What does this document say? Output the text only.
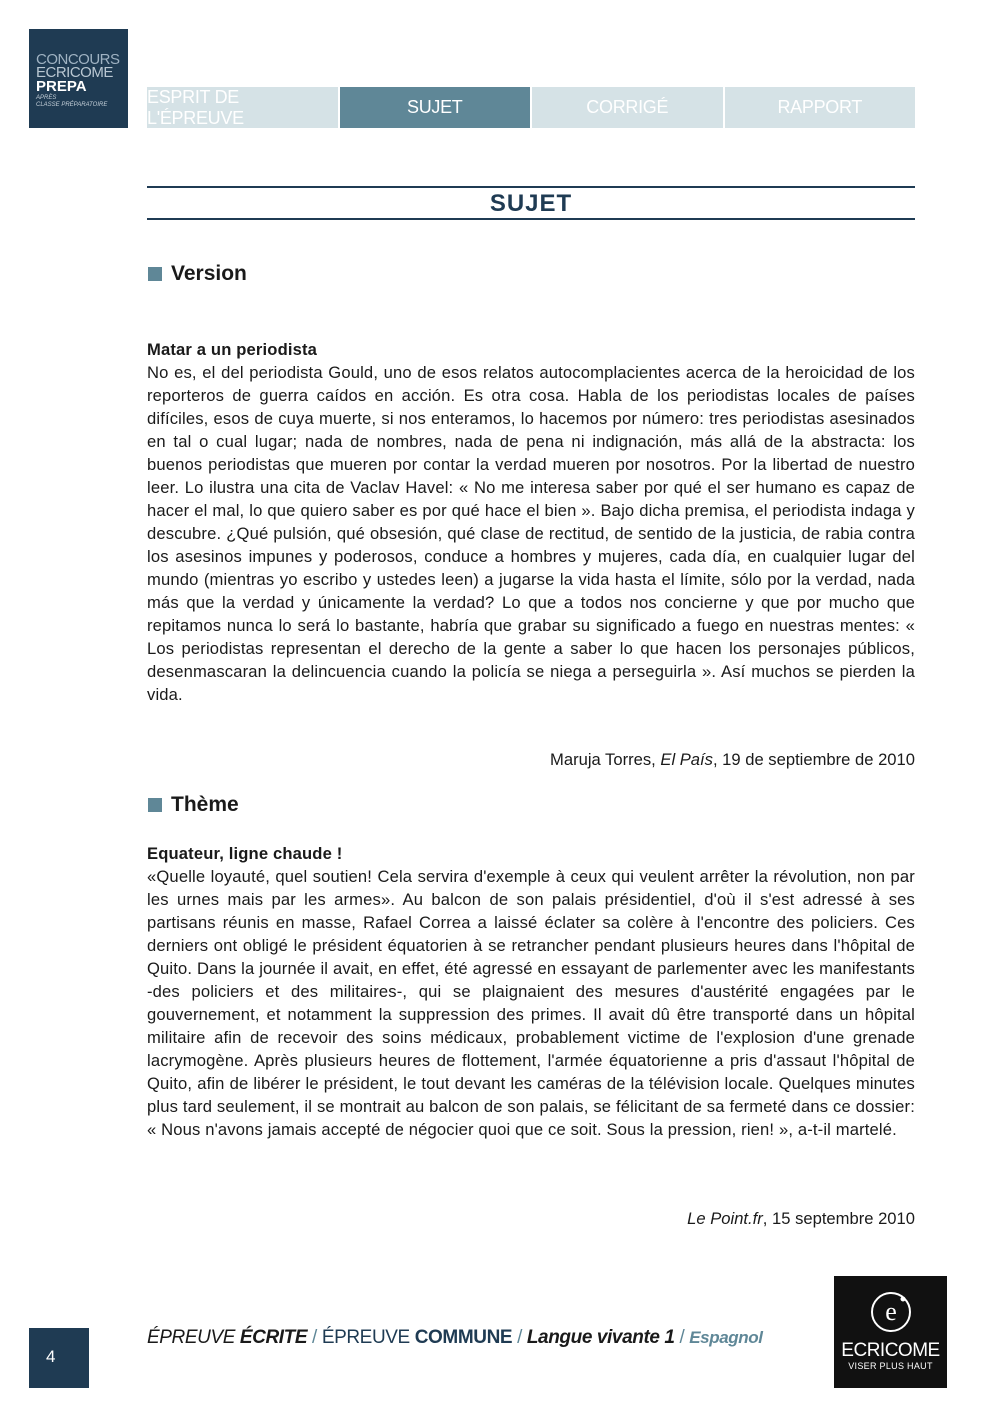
CONCOURS
ECRICOME
PREPA
APRÈS
CLASSE PRÉPARATOIRE	ESPRIT DE L'ÉPREUVE
SUJET	CORRIGÉ	RAPPORT
SUJET
Version
Matar a un periodista
No es, el del periodista Gould, uno de esos relatos autocomplacientes acerca de la heroicidad de los reporteros de guerra caídos en acción. Es otra cosa. Habla de los periodistas locales de países difíciles, esos de cuya muerte, si nos enteramos, lo hacemos por número: tres periodistas asesinados en tal o cual lugar; nada de nombres, nada de pena ni indignación, más allá de la abstracta: los buenos periodistas que mueren por contar la verdad mueren por nosotros. Por la libertad de nuestro leer. Lo ilustra una cita de Vaclav Havel: « No me interesa saber por qué el ser humano es capaz de hacer el mal, lo que quiero saber es por qué hace el bien ». Bajo dicha premisa, el periodista indaga y descubre. ¿Qué pulsión, qué obsesión, qué clase de rectitud, de sentido de la justicia, de rabia contra los asesinos impunes y poderosos, conduce a hombres y mujeres, cada día, en cualquier lugar del mundo (mientras yo escribo y ustedes leen) a jugarse la vida hasta el límite, sólo por la verdad, nada más que la verdad y únicamente la verdad? Lo que a todos nos concierne y que por mucho que repitamos nunca lo será lo bastante, habría que grabar su significado a fuego en nuestras mentes: « Los periodistas representan el derecho de la gente a saber lo que hacen los personajes públicos, desenmascaran la delincuencia cuando la policía se niega a perseguirla ». Así muchos se pierden la vida.
Maruja Torres, El País, 19 de septiembre de 2010
Thème
Equateur, ligne chaude !
«Quelle loyauté, quel soutien! Cela servira d'exemple à ceux qui veulent arrêter la révolution, non par les urnes mais par les armes». Au balcon de son palais présidentiel, d'où il s'est adressé à ses partisans réunis en masse, Rafael Correa a laissé éclater sa colère à l'encontre des policiers. Ces derniers ont obligé le président équatorien à se retrancher pendant plusieurs heures dans l'hôpital de Quito. Dans la journée il avait, en effet, été agressé en essayant de parlementer avec les manifestants -des policiers et des militaires-, qui se plaignaient des mesures d'austérité engagées par le gouvernement, et notamment la suppression des primes. Il avait dû être transporté dans un hôpital militaire afin de recevoir des soins médicaux, probablement victime de l'explosion d'une grenade lacrymogène. Après plusieurs heures de flottement, l'armée équatorienne a pris d'assaut l'hôpital de Quito, afin de libérer le président, le tout devant les caméras de la télévision locale. Quelques minutes plus tard seulement, il se montrait au balcon de son palais, se félicitant de sa fermeté dans ce dossier: « Nous n'avons jamais accepté de négocier quoi que ce soit. Sous la pression, rien! », a-t-il martelé.
Le Point.fr, 15 septembre 2010
4
ÉPREUVE ÉCRITE / ÉPREUVE COMMUNE / Langue vivante 1 / Espagnol
e
ECRICOME
VISER PLUS HAUT
